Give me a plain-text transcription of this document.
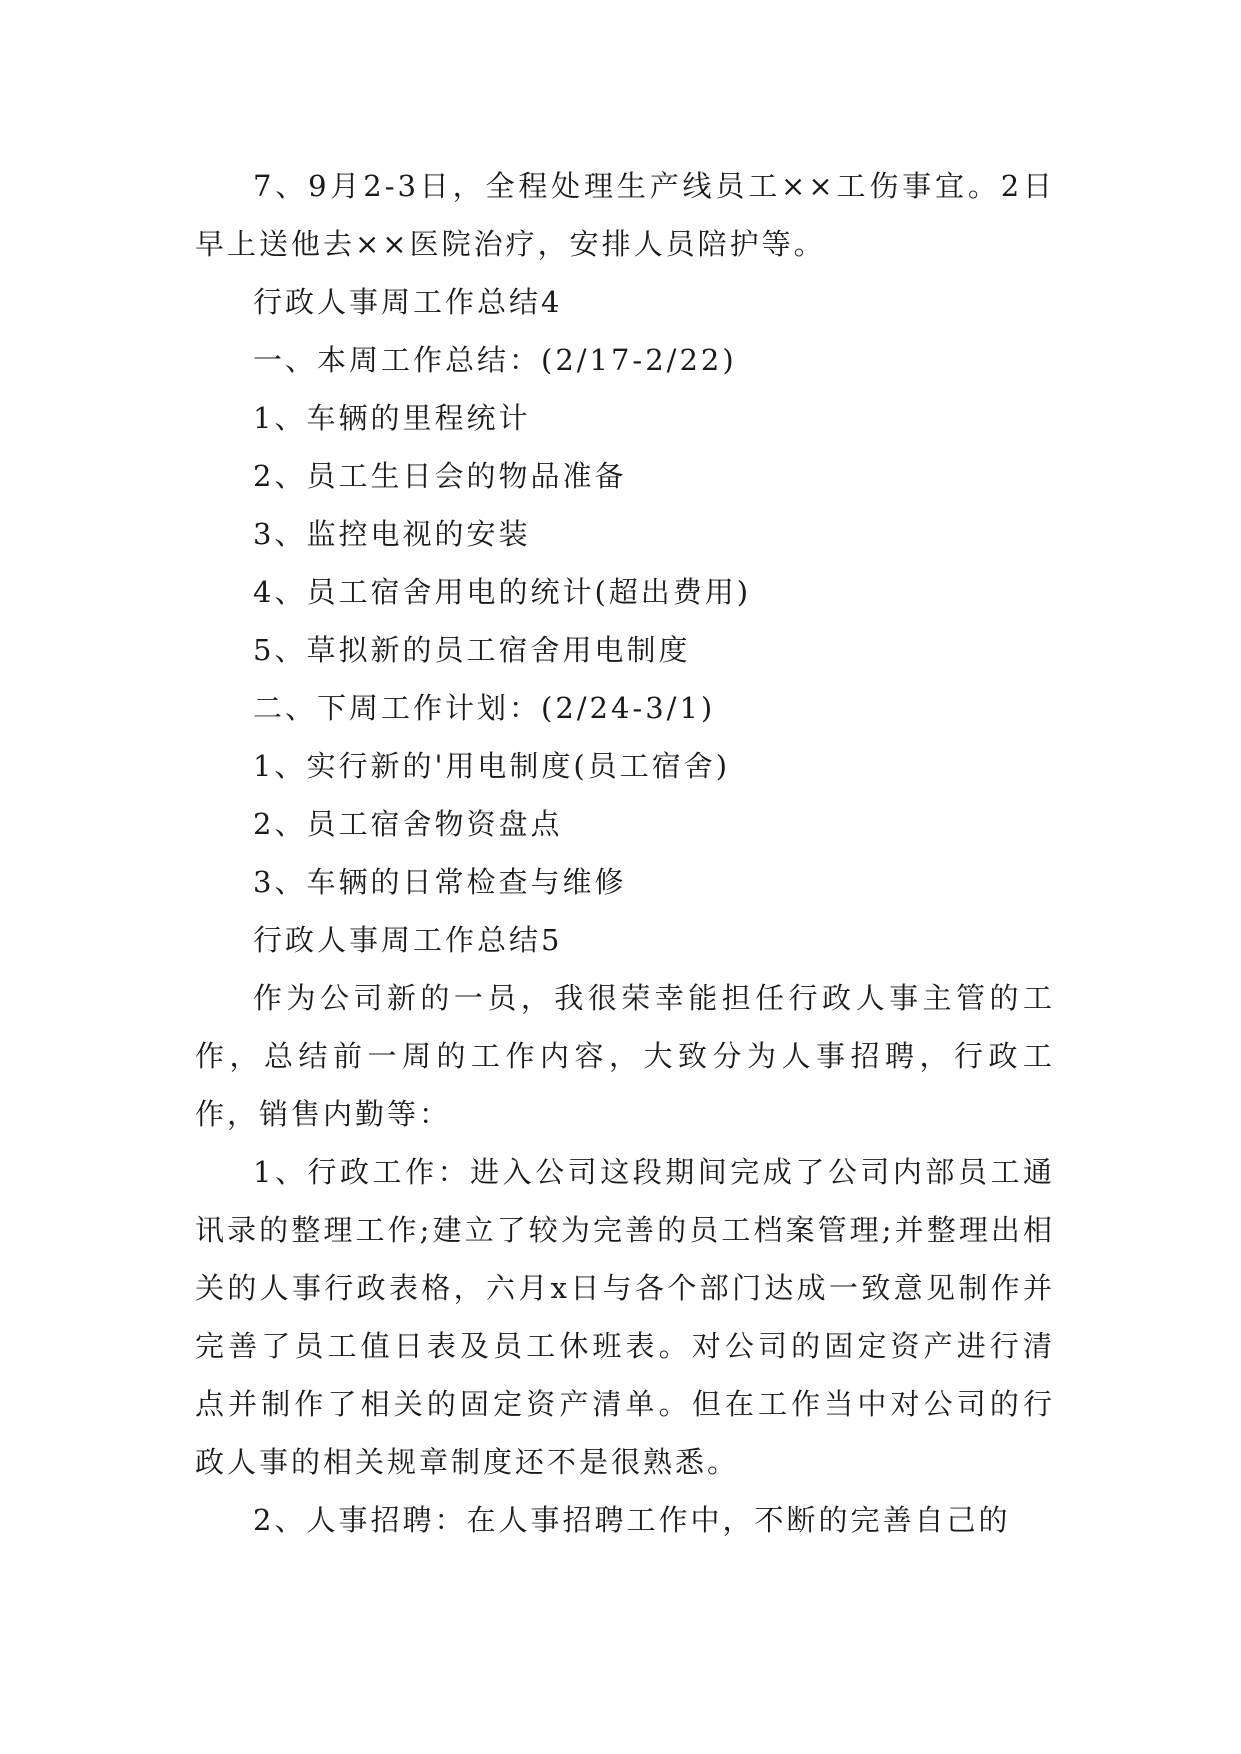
7、9月2-3日，全程处理生产线员工××工伤事宜。2日早上送他去××医院治疗，安排人员陪护等。

行政人事周工作总结4

一、本周工作总结：(2/17-2/22)

1、车辆的里程统计

2、员工生日会的物品准备

3、监控电视的安装

4、员工宿舍用电的统计(超出费用)

5、草拟新的员工宿舍用电制度

二、下周工作计划：(2/24-3/1)

1、实行新的'用电制度(员工宿舍)

2、员工宿舍物资盘点

3、车辆的日常检查与维修

行政人事周工作总结5

作为公司新的一员，我很荣幸能担任行政人事主管的工作，总结前一周的工作内容，大致分为人事招聘，行政工作，销售内勤等：

1、行政工作：进入公司这段期间完成了公司内部员工通讯录的整理工作;建立了较为完善的员工档案管理;并整理出相关的人事行政表格，六月x日与各个部门达成一致意见制作并完善了员工值日表及员工休班表。对公司的固定资产进行清点并制作了相关的固定资产清单。但在工作当中对公司的行政人事的相关规章制度还不是很熟悉。

2、人事招聘：在人事招聘工作中，不断的完善自己的
